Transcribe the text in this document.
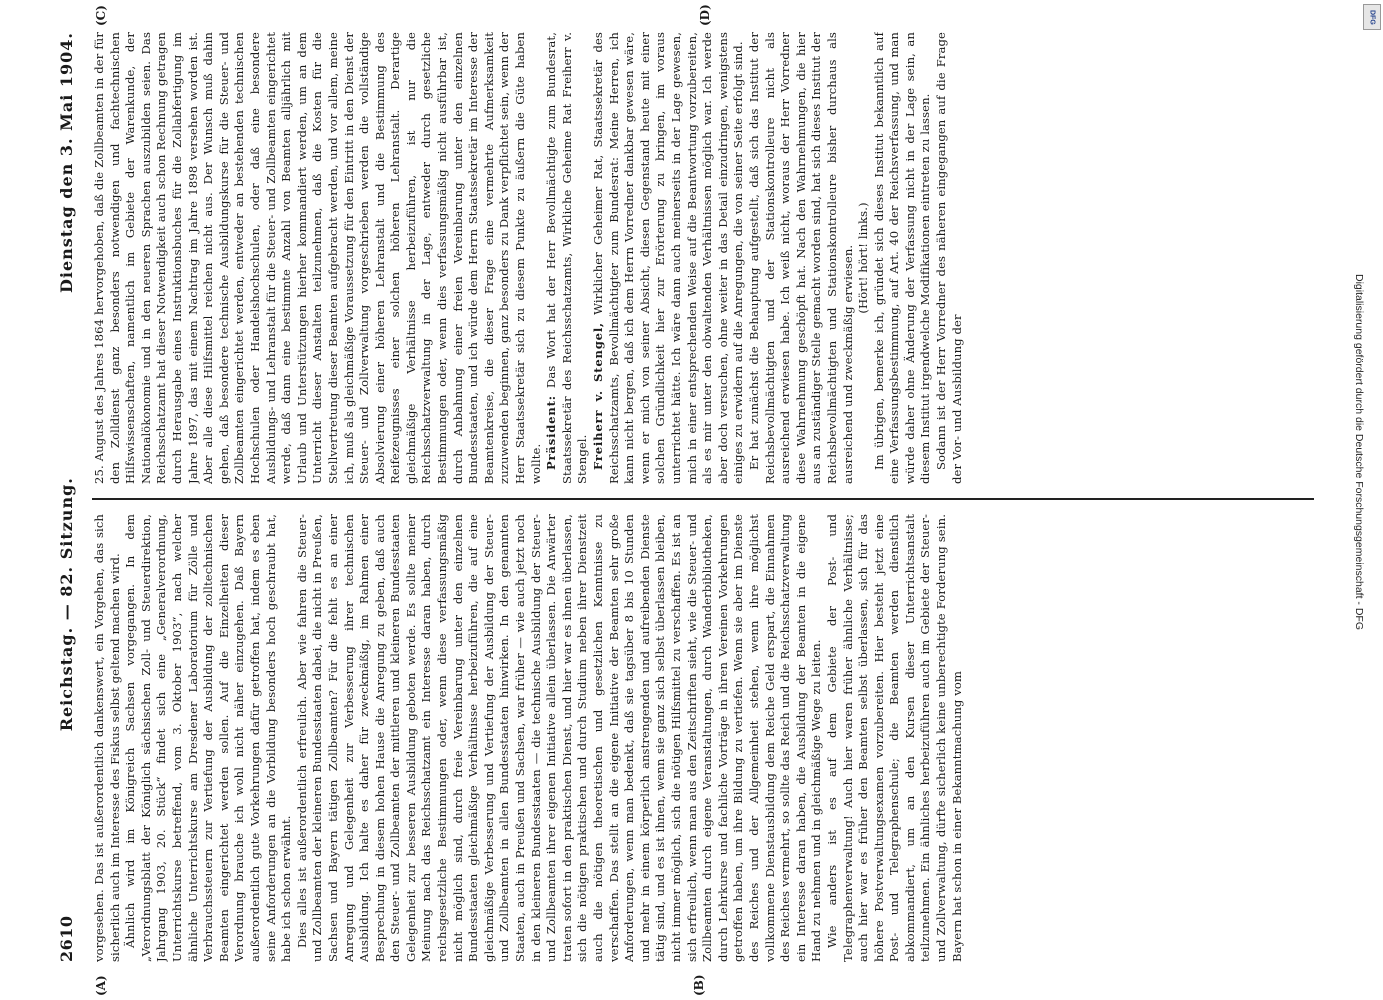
2610
Reichstag. — 82. Sitzung.
Dienstag den 3. Mai 1904.
(A)	(B)
(C)	(D)

vorgesehen. Das ist außerordentlich dankenswert, ein Vorgehen, das sich sicherlich auch im Interesse des Fiskus selbst geltend machen wird. Ähnlich wird im Königreich Sachsen vorgegangen. In dem „Verordnungsblatt der Königlich sächsischen Zoll- und Steuerdirektion, Jahrgang 1903, 20. Stück“ findet sich eine „Generalverordnung, Unterrichtskurse betreffend, vom 3. Oktober 1903“, nach welcher ähnliche Unterrichtskurse am Dresdener Laboratorium für Zölle und Verbrauchssteuern zur Vertiefung der Ausbildung der zolltechnischen Beamten eingerichtet werden sollen. Auf die Einzelheiten dieser Verordnung brauche ich wohl nicht näher einzugehen. Daß Bayern außerordentlich gute Vorkehrungen dafür getroffen hat, indem es eben seine Anforderungen an die Vorbildung besonders hoch geschraubt hat, habe ich schon erwähnt. Dies alles ist außerordentlich erfreulich. Aber wie fahren die Steuer- und Zollbeamten der kleineren Bundesstaaten dabei, die nicht in Preußen, Sachsen und Bayern tätigen Zollbeamten? Für die fehlt es an einer Anregung und Gelegenheit zur Verbesserung ihrer technischen Ausbildung. Ich halte es daher für zweckmäßig, im Rahmen einer Besprechung in diesem hohen Hause die Anregung zu geben, daß auch den Steuer- und Zollbeamten der mittleren und kleineren Bundesstaaten Gelegenheit zur besseren Ausbildung geboten werde. Es sollte meiner Meinung nach das Reichsschatzamt ein Interesse daran haben, durch reichsgesetzliche Bestimmungen oder, wenn diese verfassungsmäßig nicht möglich sind, durch freie Vereinbarung unter den einzelnen Bundesstaaten gleichmäßige Verhältnisse herbeizuführen, die auf eine gleichmäßige Verbesserung und Vertiefung der Ausbildung der Steuer- und Zollbeamten in allen Bundesstaaten hinwirken. In den genannten Staaten, auch in Preußen und Sachsen, war früher — wie auch jetzt noch in den kleineren Bundesstaaten — die technische Ausbildung der Steuer- und Zollbeamten ihrer eigenen Initiative allein überlassen. Die Anwärter traten sofort in den praktischen Dienst, und hier war es ihnen überlassen, sich die nötigen praktischen und durch Studium neben ihrer Dienstzeit auch die nötigen theoretischen und gesetzlichen Kenntnisse zu verschaffen. Das stellt an die eigene Initiative der Beamten sehr große Anforderungen, wenn man bedenkt, daß sie tagsüber 8 bis 10 Stunden und mehr in einem körperlich anstrengenden und aufreibenden Dienste tätig sind, und es ist ihnen, wenn sie ganz sich selbst überlassen bleiben, nicht immer möglich, sich die nötigen Hilfsmittel zu verschaffen. Es ist an sich erfreulich, wenn man aus den Zeitschriften sieht, wie die Steuer- und Zollbeamten durch eigene Veranstaltungen, durch Wanderbibliotheken, durch Lehrkurse und fachliche Vorträge in ihren Vereinen Vorkehrungen getroffen haben, um ihre Bildung zu vertiefen. Wenn sie aber im Dienste des Reiches und der Allgemeinheit stehen, wenn ihre möglichst vollkommene Dienstausbildung dem Reiche Geld erspart, die Einnahmen des Reiches vermehrt, so sollte das Reich und die Reichsschatzverwaltung ein Interesse daran haben, die Ausbildung der Beamten in die eigene Hand zu nehmen und in gleichmäßige Wege zu leiten. Wie anders ist es auf dem Gebiete der Post- und Telegraphenverwaltung! Auch hier waren früher ähnliche Verhältnisse; auch hier war es früher den Beamten selbst überlassen, sich für das höhere Postverwaltungsexamen vorzubereiten. Hier besteht jetzt eine Post- und Telegraphenschule; die Beamten werden dienstlich abkommandiert, um an den Kursen dieser Unterrichtsanstalt teilzunehmen. Ein ähnliches herbeizuführen auch im Gebiete der Steuer- und Zollverwaltung, dürfte sicherlich keine unberechtigte Forderung sein. Bayern hat schon in einer Bekanntmachung vom

25. August des Jahres 1864 hervorgehoben, daß die Zollbeamten in der für den Zolldienst ganz besonders notwendigen und fachtechnischen Hilfswissenschaften, namentlich im Gebiete der Warenkunde, der Nationalökonomie und in den neueren Sprachen auszubilden seien. Das Reichsschatzamt hat dieser Notwendigkeit auch schon Rechnung getragen durch Herausgabe eines Instruktionsbuches für die Zollabfertigung im Jahre 1897, das mit einem Nachtrag im Jahre 1898 versehen worden ist. Aber alle diese Hilfsmittel reichen nicht aus. Der Wunsch muß dahin gehen, daß besondere technische Ausbildungskurse für die Steuer- und Zollbeamten eingerichtet werden, entweder an bestehenden technischen Hochschulen oder Handelshochschulen, oder daß eine besondere Ausbildungs- und Lehranstalt für die Steuer- und Zollbeamten eingerichtet werde, daß dann eine bestimmte Anzahl von Beamten alljährlich mit Urlaub und Unterstützungen hierher kommandiert werden, um an dem Unterricht dieser Anstalten teilzunehmen, daß die Kosten für die Stellvertretung dieser Beamten aufgebracht werden, und vor allem, meine ich, muß als gleichmäßige Voraussetzung für den Eintritt in den Dienst der Steuer- und Zollverwaltung vorgeschrieben werden die vollständige Absolvierung einer höheren Lehranstalt und die Bestimmung des Reifezeugnisses einer solchen höheren Lehranstalt. Derartige gleichmäßige Verhältnisse herbeizuführen, ist nur die Reichsschatzverwaltung in der Lage, entweder durch gesetzliche Bestimmungen oder, wenn dies verfassungsmäßig nicht ausführbar ist, durch Anbahnung einer freien Vereinbarung unter den einzelnen Bundesstaaten, und ich würde dem Herrn Staatssekretär im Interesse der Beamtenkreise, die dieser Frage eine vermehrte Aufmerksamkeit zuzuwenden beginnen, ganz besonders zu Dank verpflichtet sein, wenn der Herr Staatssekretär sich zu diesem Punkte zu äußern die Güte haben wollte. Präsident: Das Wort hat der Herr Bevollmächtigte zum Bundesrat, Staatssekretär des Reichsschatzamts, Wirkliche Geheime Rat Freiherr v. Stengel. Freiherr v. Stengel, Wirklicher Geheimer Rat, Staatssekretär des Reichsschatzamts, Bevollmächtigter zum Bundesrat: Meine Herren, ich kann nicht bergen, daß ich dem Herrn Vorredner dankbar gewesen wäre, wenn er mich von seiner Absicht, diesen Gegenstand heute mit einer solchen Gründlichkeit hier zur Erörterung zu bringen, im voraus unterrichtet hätte. Ich wäre dann auch meinerseits in der Lage gewesen, mich in einer entsprechenden Weise auf die Beantwortung vorzubereiten, als es mir unter den obwaltenden Verhältnissen möglich war. Ich werde aber doch versuchen, ohne weiter in das Detail einzudringen, wenigstens einiges zu erwidern auf die Anregungen, die von seiner Seite erfolgt sind. Er hat zunächst die Behauptung aufgestellt, daß sich das Institut der Reichsbevollmächtigten und der Stationskontrolleure nicht als ausreichend erwiesen habe. Ich weiß nicht, woraus der Herr Vorredner diese Wahrnehmung geschöpft hat. Nach den Wahrnehmungen, die hier aus an zuständiger Stelle gemacht worden sind, hat sich dieses Institut der Reichsbevollmächtigten und Stationskontrolleure bisher durchaus als ausreichend und zweckmäßig erwiesen. (Hört! hört! links.) Im übrigen, bemerke ich, gründet sich dieses Institut bekanntlich auf eine Verfassungsbestimmung, auf Art. 40 der Reichsverfassung, und man würde daher ohne Änderung der Verfassung nicht in der Lage sein, an diesem Institut irgendwelche Modifikationen eintreten zu lassen. Sodann ist der Herr Vorredner des näheren eingegangen auf die Frage der Vor- und Ausbildung der

DFG
Digitalisierung gefördert durch die Deutsche Forschungsgemeinschaft - DFG
